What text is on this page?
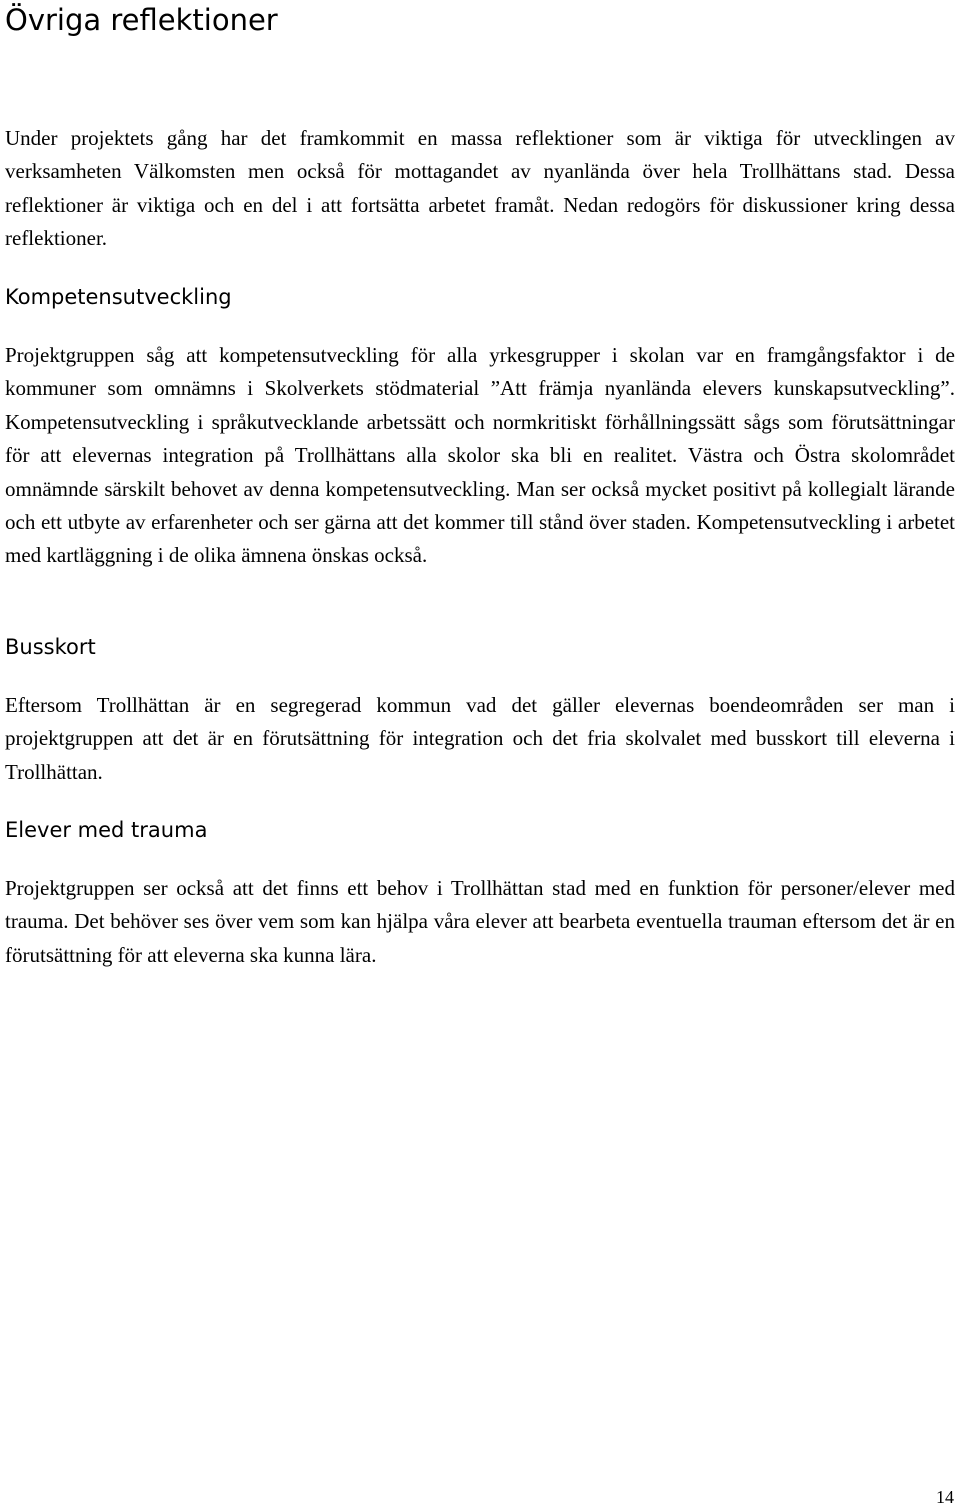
Övriga reflektioner

Under projektets gång har det framkommit en massa reflektioner som är viktiga för utvecklingen av verksamheten Välkomsten men också för mottagandet av nyanlända över hela Trollhättans stad. Dessa reflektioner är viktiga och en del i att fortsätta arbetet framåt. Nedan redogörs för diskussioner kring dessa reflektioner.

Kompetensutveckling

Projektgruppen såg att kompetensutveckling för alla yrkesgrupper i skolan var en framgångsfaktor i de kommuner som omnämns i Skolverkets stödmaterial ”Att främja nyanlända elevers kunskapsutveckling”. Kompetensutveckling i språkutvecklande arbetssätt och normkritiskt förhållningssätt sågs som förutsättningar för att elevernas integration på Trollhättans alla skolor ska bli en realitet. Västra och Östra skolområdet omnämnde särskilt behovet av denna kompetensutveckling. Man ser också mycket positivt på kollegialt lärande och ett utbyte av erfarenheter och ser gärna att det kommer till stånd över staden. Kompetensutveckling i arbetet med kartläggning i de olika ämnena önskas också.

Busskort

Eftersom Trollhättan är en segregerad kommun vad det gäller elevernas boendeområden ser man i projektgruppen att det är en förutsättning för integration och det fria skolvalet med busskort till eleverna i Trollhättan.

Elever med trauma

Projektgruppen ser också att det finns ett behov i Trollhättan stad med en funktion för personer/elever med trauma. Det behöver ses över vem som kan hjälpa våra elever att bearbeta eventuella trauman eftersom det är en förutsättning för att eleverna ska kunna lära.

14
